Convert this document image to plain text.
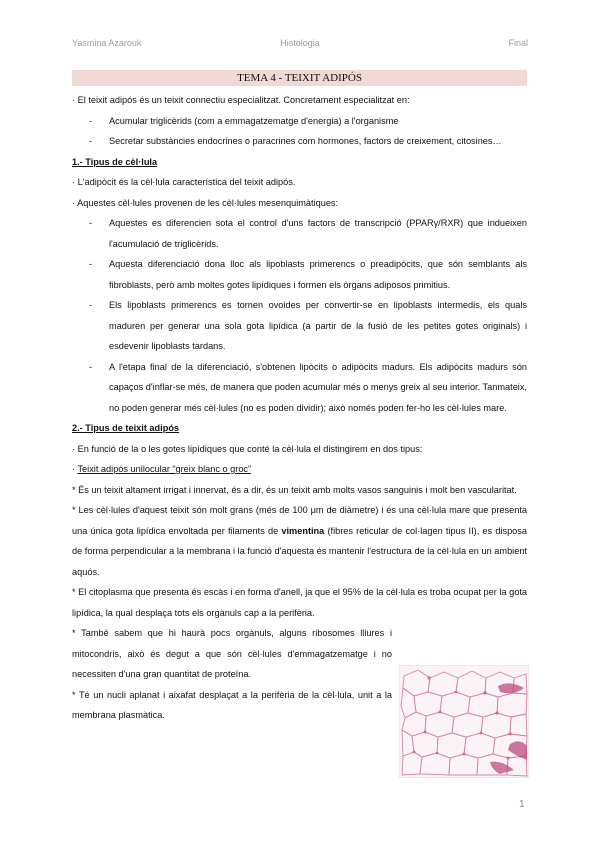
Yasmina Azarouk	Histologia	Final
TEMA 4 - TEIXIT ADIPÓS

· El teixit adipós és un teixit connectiu especialitzat. Concretament especialitzat en:

- Acumular triglicèrids (com a emmagatzematge d'energia) a l'organisme

- Secretar substàncies endocrines o paracrines com hormones, factors de creixement, citosines…

1.- Tipus de cèl·lula

· L'adipòcit és la cèl·lula característica del teixit adipós.

· Aquestes cèl·lules provenen de les cèl·lules mesenquimàtiques:

- Aquestes es diferencien sota el control d'uns factors de transcripció (PPARγ/RXR) que indueixen l'acumulació de triglicèrids.

- Aquesta diferenciació dona lloc als lipoblasts primerencs o preadipòcits, que són semblants als fibroblasts, però amb moltes gotes lipídiques i formen els òrgans adiposos primitius.

- Els lipoblasts primerencs es tornen ovoides per convertir-se en lipoblasts intermedis, els quals maduren per generar una sola gota lipídica (a partir de la fusió de les petites gotes originals) i esdevenir lipoblasts tardans.

- A l'etapa final de la diferenciació, s'obtenen lipòcits o adipòcits madurs. Els adipòcits madurs són capaços d'inflar-se més, de manera que poden acumular més o menys greix al seu interior. Tanmateix, no poden generar més cèl·lules (no es poden dividir); això només poden fer-ho les cèl·lules mare.

2.- Tipus de teixit adipós

· En funció de la o les gotes lipídiques que conté la cèl·lula el distingirem en dos tipus:

· Teixit adipós unilocular “greix blanc o groc”

* És un teixit altament irrigat i innervat, és a dir, és un teixit amb molts vasos sanguinis i molt ben vascularitat.

* Les cèl·lules d'aquest teixit són molt grans (més de 100 μm de diàmetre) i és una cèl·lula mare que presenta una única gota lipídica envoltada per filaments de vimentina (fibres reticular de col·lagen tipus II), es disposa de forma perpendicular a la membrana i la funció d'aquesta és mantenir l'estructura de la cèl·lula en un ambient aquós.

* El citoplasma que presenta és escàs i en forma d'anell, ja que el 95% de la cèl·lula es troba ocupat per la gota lipídica, la qual desplaça tots els orgànuls cap a la perifèria.

* També sabem que hi haurà pocs orgànuls, alguns ribosomes lliures i mitocondris, això és degut a que són cèl·lules d'emmagatzematge i no necessiten d'una gran quantitat de proteïna.

* Té un nucli aplanat i aixafat desplaçat a la perifèria de la cèl·lula, unit a la membrana plasmàtica.

1
